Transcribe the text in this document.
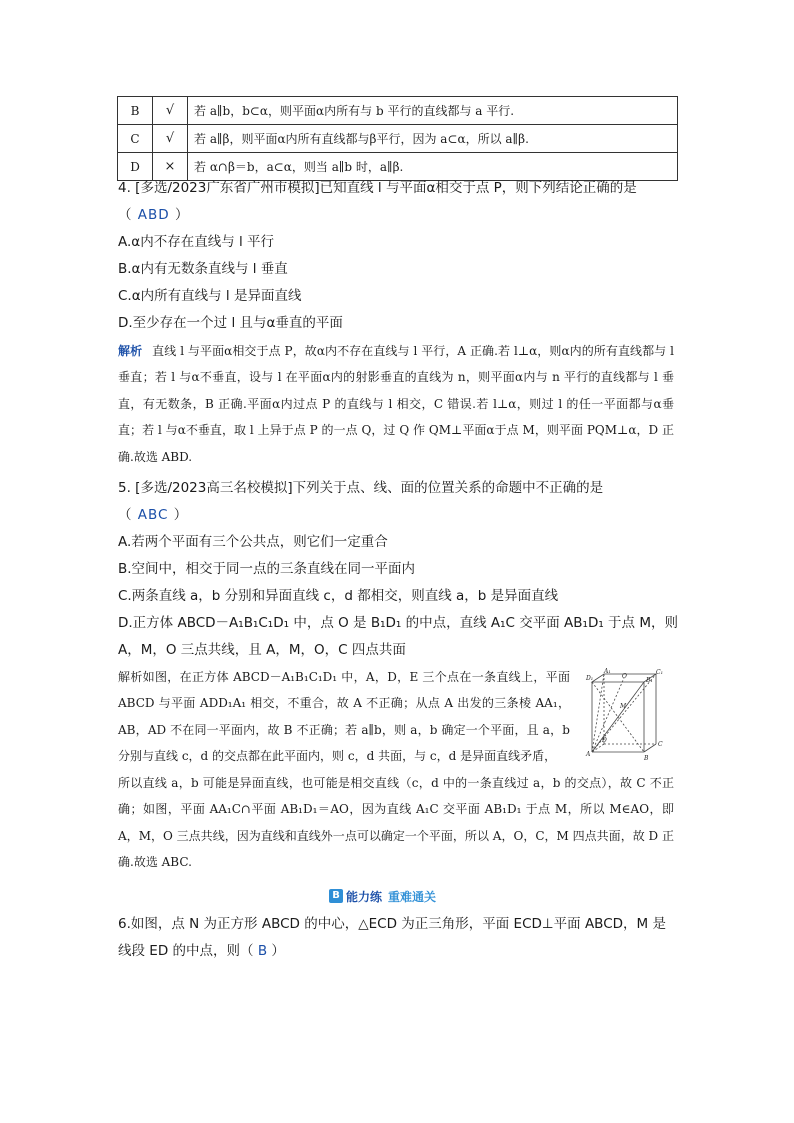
B	√	若 a∥b，b⊂α，则平面α内所有与 b 平行的直线都与 a 平行.
C	√	若 a∥β，则平面α内所有直线都与β平行，因为 a⊂α，所以 a∥β.
D	×	若 α∩β＝b，a⊂α，则当 a∥b 时，a∥β.
4. [多选/2023广东省广州市模拟]已知直线 l 与平面α相交于点 P，则下列结论正确的是
（ ABD ）
A.α内不存在直线与 l 平行
B.α内有无数条直线与 l 垂直
C.α内所有直线与 l 是异面直线
D.至少存在一个过 l 且与α垂直的平面
解析 直线 l 与平面α相交于点 P，故α内不存在直线与 l 平行，A 正确.若 l⊥α，则α内的所有直线都与 l 垂直；若 l 与α不垂直，设与 l 在平面α内的射影垂直的直线为 n，则平面α内与 n 平行的直线都与 l 垂直，有无数条，B 正确.平面α内过点 P 的直线与 l 相交，C 错误.若 l⊥α，则过 l 的任一平面都与α垂直；若 l 与α不垂直，取 l 上异于点 P 的一点 Q，过 Q 作 QM⊥平面α于点 M，则平面 PQM⊥α，D 正确.故选 ABD.
5. [多选/2023高三名校模拟]下列关于点、线、面的位置关系的命题中不正确的是
（ ABC ）
A.若两个平面有三个公共点，则它们一定重合
B.空间中，相交于同一点的三条直线在同一平面内
C.两条直线 a，b 分别和异面直线 c，d 都相交，则直线 a，b 是异面直线
D.正方体 ABCD－A₁B₁C₁D₁ 中，点 O 是 B₁D₁ 的中点，直线 A₁C 交平面 AB₁D₁ 于点 M，则
A，M，O 三点共线，且 A，M，O，C 四点共面
解析如图，在正方体 ABCD－A₁B₁C₁D₁ 中，A，D，E 三个点在一条直线上，平面 ABCD 与平面 ADD₁A₁ 相交，不重合，故 A 不正确；从点 A 出发的三条棱 AA₁，AB，AD 不在同一平面内，故 B 不正确；若 a∥b，则 a，b 确定一个平面，且 a，b 分别与直线 c，d 的交点都在此平面内，则 c，d 共面，与 c，d 是异面直线矛盾，
所以直线 a，b 可能是异面直线，也可能是相交直线（c，d 中的一条直线过 a，b 的交点），故 C 不正确；如图，平面 AA₁C∩平面 AB₁D₁＝AO，因为直线 A₁C 交平面 AB₁D₁ 于点 M，所以 M∈AO，即 A，M，O 三点共线，因为直线和直线外一点可以确定一个平面，所以 A，O，C，M 四点共面，故 D 正确.故选 ABC.
D₁
A₁
O
C₁
B₁
M
A
B
C
D
B 能力练 重难通关
6.如图，点 N 为正方形 ABCD 的中心，△ECD 为正三角形，平面 ECD⊥平面 ABCD，M 是
线段 ED 的中点，则（ B ）
